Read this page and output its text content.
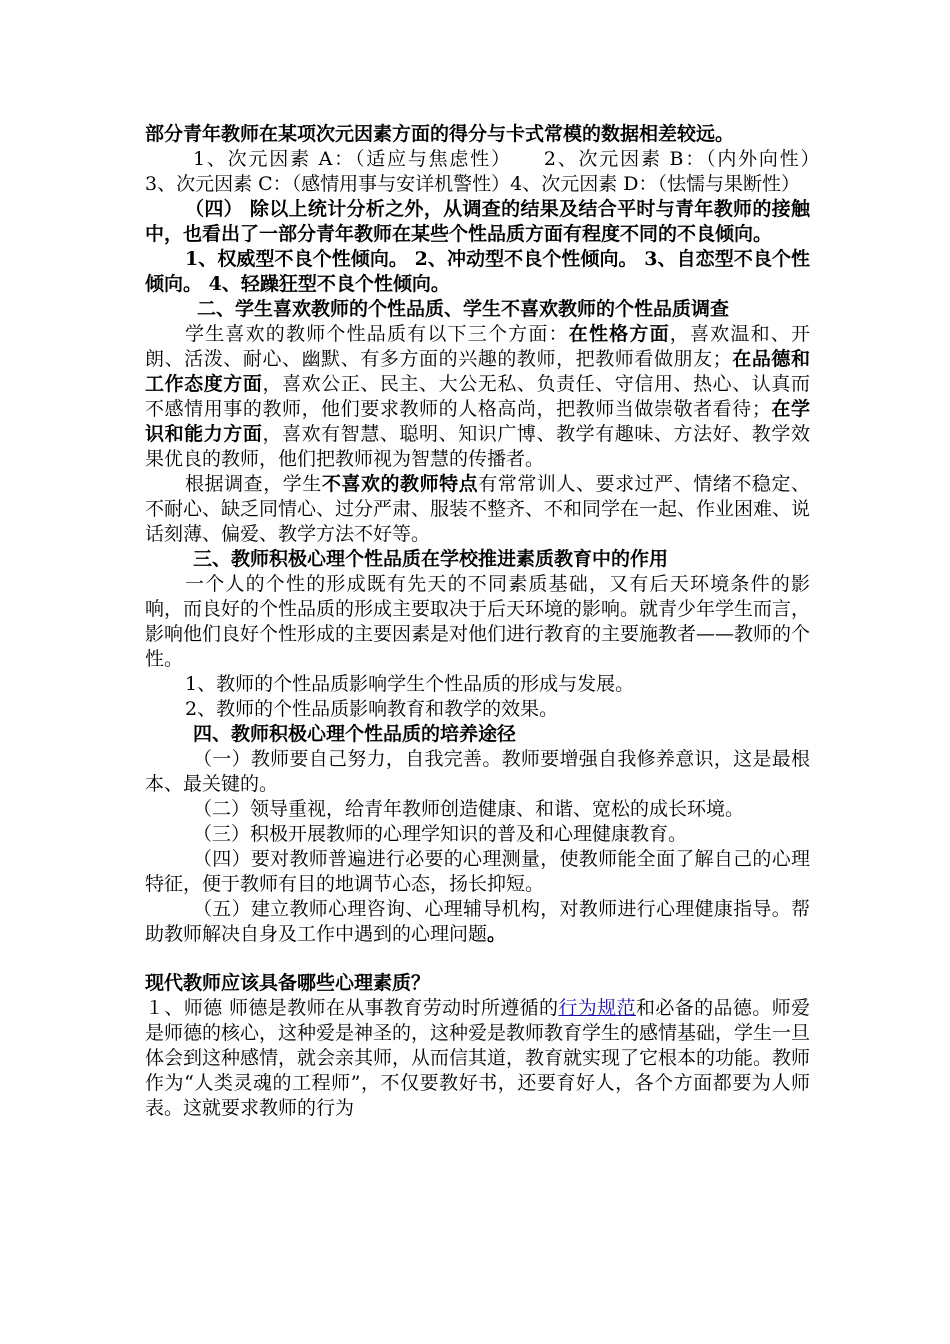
部分青年教师在某项次元因素方面的得分与卡式常模的数据相差较远。

1、次元因素 A：（适应与焦虑性）　　2、次元因素 B：（内外向性）　　3、次元因素 C：（感情用事与安详机警性）4、次元因素 D：（怯懦与果断性）

（四） 除以上统计分析之外，从调查的结果及结合平时与青年教师的接触中，也看出了一部分青年教师在某些个性品质方面有程度不同的不良倾向。

1、权威型不良个性倾向。 2、冲动型不良个性倾向。 3、自恋型不良个性倾向。 4、轻躁狂型不良个性倾向。

二、学生喜欢教师的个性品质、学生不喜欢教师的个性品质调查

学生喜欢的教师个性品质有以下三个方面：在性格方面，喜欢温和、开朗、活泼、耐心、幽默、有多方面的兴趣的教师，把教师看做朋友；在品德和工作态度方面，喜欢公正、民主、大公无私、负责任、守信用、热心、认真而不感情用事的教师，他们要求教师的人格高尚，把教师当做崇敬者看待；在学识和能力方面，喜欢有智慧、聪明、知识广博、教学有趣味、方法好、教学效果优良的教师，他们把教师视为智慧的传播者。

根据调查，学生不喜欢的教师特点有常常训人、要求过严、情绪不稳定、不耐心、缺乏同情心、过分严肃、服装不整齐、不和同学在一起、作业困难、说话刻薄、偏爱、教学方法不好等。

三、教师积极心理个性品质在学校推进素质教育中的作用

一个人的个性的形成既有先天的不同素质基础，又有后天环境条件的影响，而良好的个性品质的形成主要取决于后天环境的影响。就青少年学生而言，影响他们良好个性形成的主要因素是对他们进行教育的主要施教者——教师的个性。

1、教师的个性品质影响学生个性品质的形成与发展。

2、教师的个性品质影响教育和教学的效果。

四、教师积极心理个性品质的培养途径

（一）教师要自己努力，自我完善。教师要增强自我修养意识，这是最根本、最关键的。

（二）领导重视，给青年教师创造健康、和谐、宽松的成长环境。

（三）积极开展教师的心理学知识的普及和心理健康教育。

（四）要对教师普遍进行必要的心理测量，使教师能全面了解自己的心理特征，便于教师有目的地调节心态，扬长抑短。

（五）建立教师心理咨询、心理辅导机构，对教师进行心理健康指导。帮助教师解决自身及工作中遇到的心理问题。

现代教师应该具备哪些心理素质？

１、师德 师德是教师在从事教育劳动时所遵循的行为规范和必备的品德。师爱是师德的核心，这种爱是神圣的，这种爱是教师教育学生的感情基础，学生一旦体会到这种感情，就会亲其师，从而信其道，教育就实现了它根本的功能。教师作为“人类灵魂的工程师”，不仅要教好书，还要育好人，各个方面都要为人师表。这就要求教师的行为
